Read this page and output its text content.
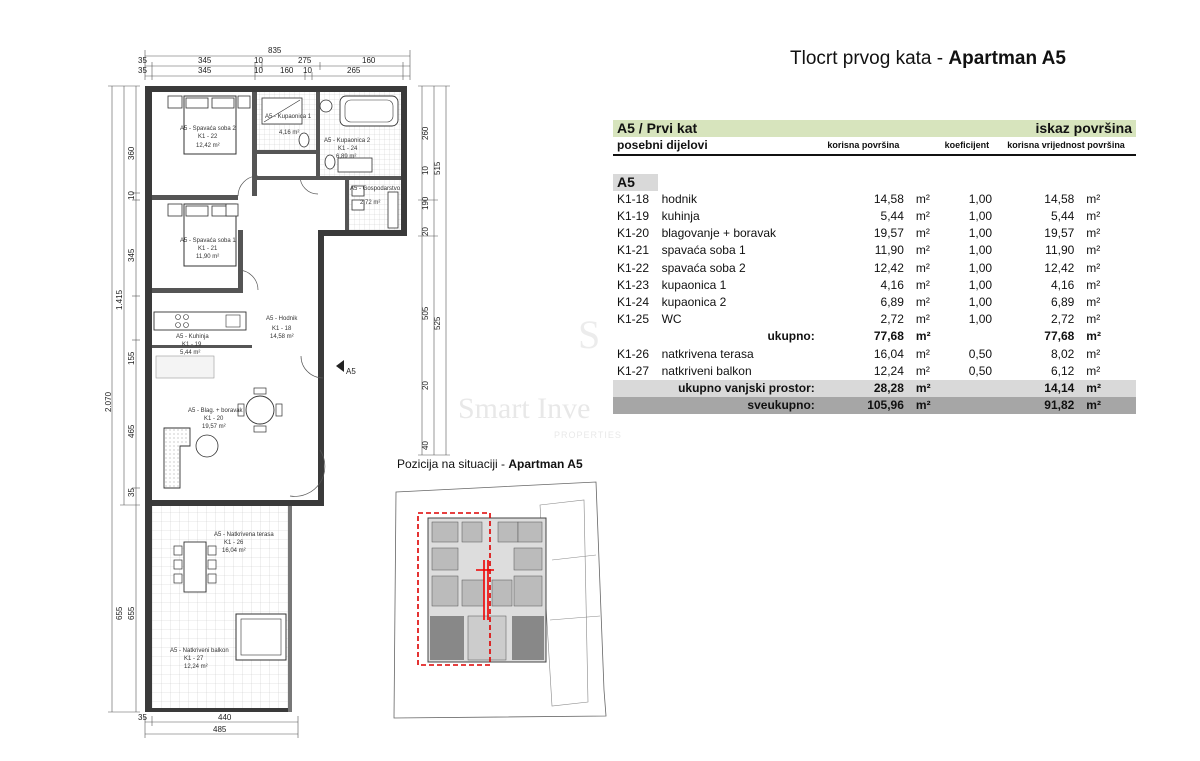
835
35	345	10	275	160
35	345	10 160 10	265
2.070
1.415
360
10
345
155
465
35
655
655
260
10
190
20
505
20
40
515
525
35	440
485
A5 - Spavaća soba 2
K1 - 22
12,42 m²
A5 - Kupaonica 1
4,16 m²
A5 - Kupaonica 2
K1 - 24
6,89 m²
A5 - Gospodarstvo
2,72 m²
A5 - Spavaća soba 1
K1 - 21
11,90 m²
A5 - Hodnik
K1 - 18
14,58 m²
A5 - Kuhinja
K1 - 19
5,44 m²
A5 - Blag. + boravak
K1 - 20
19,57 m²
A5 - Natkrivena terasa
K1 - 26
16,04 m²
A5 - Natkriveni balkon
K1 - 27
12,24 m²
A5
Smart Inve
PROPERTIES
S
Tlocrt prvog kata - Apartman A5
A5 / Prvi kat			iskaz površina			
posebni dijelovi		korisna površina		koeficijent	korisna vrijednost površina	

A5						
K1-18	hodnik	14,58	m²	1,00	14,58	m²
K1-19	kuhinja	5,44	m²	1,00	5,44	m²
K1-20	blagovanje + boravak	19,57	m²	1,00	19,57	m²
K1-21	spavaća soba 1	11,90	m²	1,00	11,90	m²
K1-22	spavaća soba 2	12,42	m²	1,00	12,42	m²
K1-23	kupaonica 1	4,16	m²	1,00	4,16	m²
K1-24	kupaonica 2	6,89	m²	1,00	6,89	m²
K1-25	WC	2,72	m²	1,00	2,72	m²
	ukupno:	77,68	m²		77,68	m²
K1-26	natkrivena terasa	16,04	m²	0,50	8,02	m²
K1-27	natkriveni balkon	12,24	m²	0,50	6,12	m²
	ukupno vanjski prostor:	28,28	m²		14,14	m²
	sveukupno:	105,96	m²		91,82	m²
Pozicija na situaciji - Apartman A5
